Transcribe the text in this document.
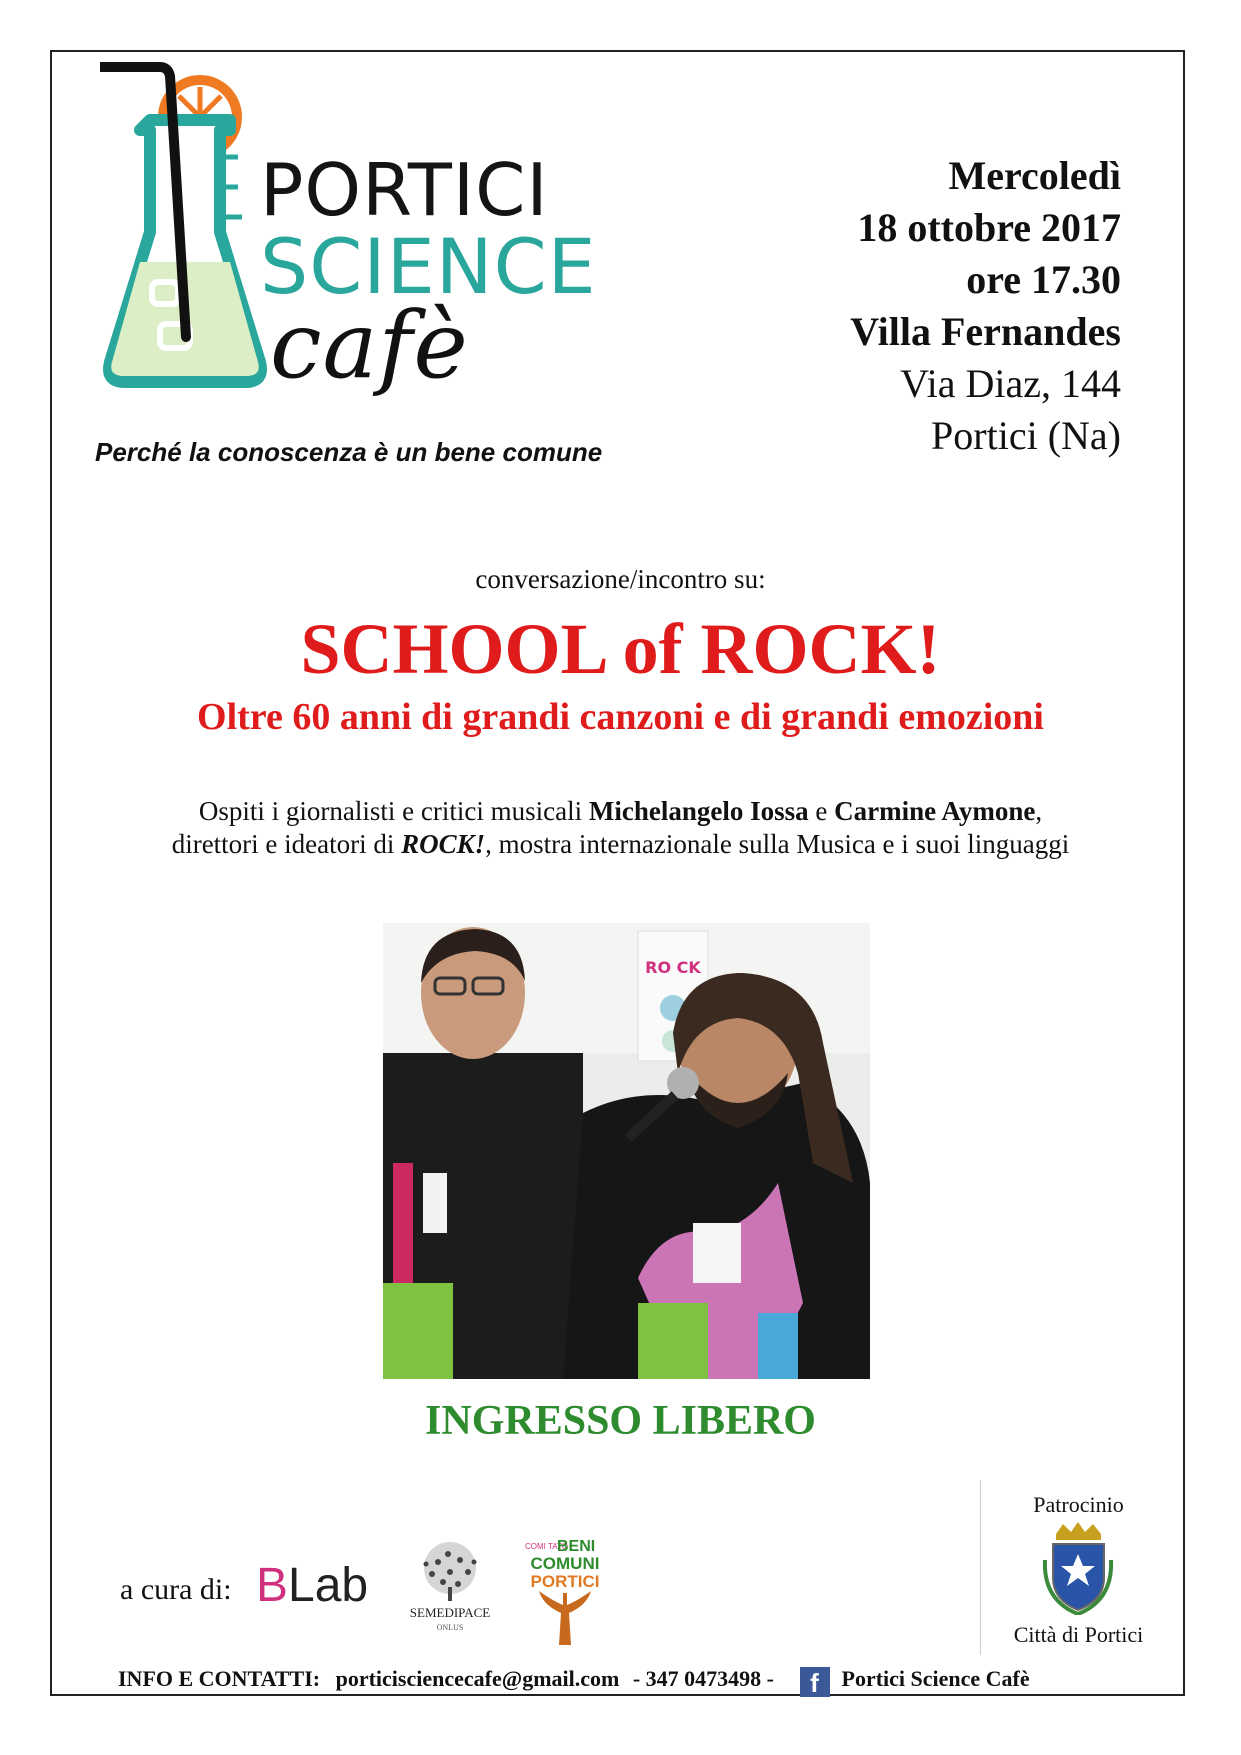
PORTICI
SCIENCE
cafè
Perché la conoscenza è un bene comune
Mercoledì
18 ottobre 2017
ore 17.30
Villa Fernandes
Via Diaz, 144
Portici (Na)
conversazione/incontro su:
SCHOOL of ROCK!
Oltre 60 anni di grandi canzoni e di grandi emozioni
Ospiti i giornalisti e critici musicali Michelangelo Iossa e Carmine Aymone,
direttori e ideatori di ROCK!, mostra internazionale sulla Musica e i suoi linguaggi
RO CK
INGRESSO LIBERO
a cura di: BLab
SEMEDIPACE
ONLUS
COMI TATO
BENI
COMUNI
PORTICI
Patrocinio
Città di Portici
INFO E CONTATTI: porticisciencecafe@gmail.com - 347 0473498 - f Portici Science Cafè
